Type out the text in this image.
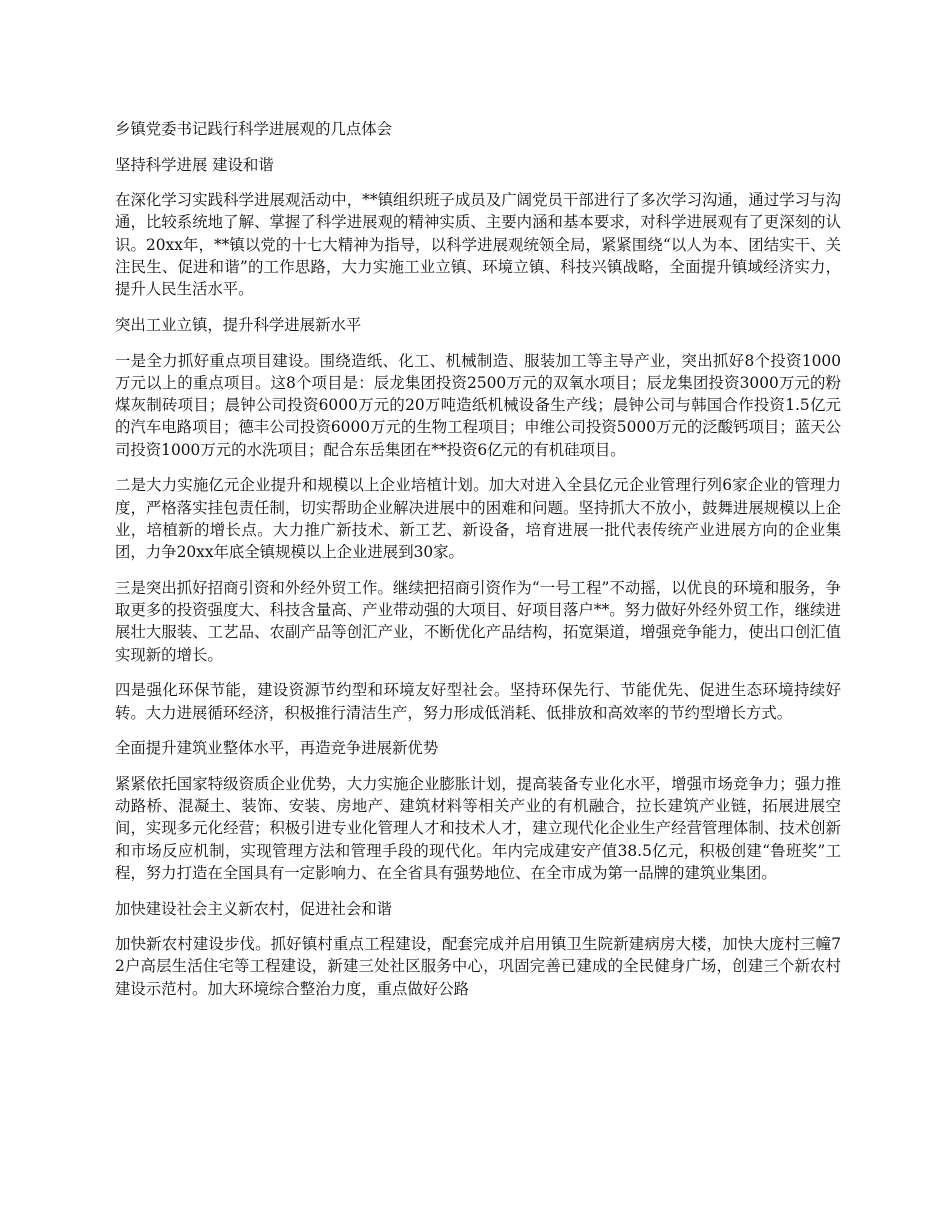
乡镇党委书记践行科学进展观的几点体会

坚持科学进展 建设和谐

在深化学习实践科学进展观活动中，**镇组织班子成员及广阔党员干部进行了多次学习沟通，通过学习与沟通，比较系统地了解、掌握了科学进展观的精神实质、主要内涵和基本要求，对科学进展观有了更深刻的认识。20xx年，**镇以党的十七大精神为指导，以科学进展观统领全局，紧紧围绕“以人为本、团结实干、关注民生、促进和谐”的工作思路，大力实施工业立镇、环境立镇、科技兴镇战略，全面提升镇域经济实力，提升人民生活水平。

突出工业立镇，提升科学进展新水平

一是全力抓好重点项目建设。围绕造纸、化工、机械制造、服装加工等主导产业，突出抓好8个投资1000万元以上的重点项目。这8个项目是：辰龙集团投资2500万元的双氧水项目；辰龙集团投资3000万元的粉煤灰制砖项目；晨钟公司投资6000万元的20万吨造纸机械设备生产线；晨钟公司与韩国合作投资1.5亿元的汽车电路项目；德丰公司投资6000万元的生物工程项目；申维公司投资5000万元的泛酸钙项目；蓝天公司投资1000万元的水洗项目；配合东岳集团在**投资6亿元的有机硅项目。

二是大力实施亿元企业提升和规模以上企业培植计划。加大对进入全县亿元企业管理行列6家企业的管理力度，严格落实挂包责任制，切实帮助企业解决进展中的困难和问题。坚持抓大不放小，鼓舞进展规模以上企业，培植新的增长点。大力推广新技术、新工艺、新设备，培育进展一批代表传统产业进展方向的企业集团，力争20xx年底全镇规模以上企业进展到30家。

三是突出抓好招商引资和外经外贸工作。继续把招商引资作为“一号工程”不动摇，以优良的环境和服务，争取更多的投资强度大、科技含量高、产业带动强的大项目、好项目落户**。努力做好外经外贸工作，继续进展壮大服装、工艺品、农副产品等创汇产业，不断优化产品结构，拓宽渠道，增强竞争能力，使出口创汇值实现新的增长。

四是强化环保节能，建设资源节约型和环境友好型社会。坚持环保先行、节能优先、促进生态环境持续好转。大力进展循环经济，积极推行清洁生产，努力形成低消耗、低排放和高效率的节约型增长方式。

全面提升建筑业整体水平，再造竞争进展新优势

紧紧依托国家特级资质企业优势，大力实施企业膨胀计划，提高装备专业化水平，增强市场竞争力；强力推动路桥、混凝土、装饰、安装、房地产、建筑材料等相关产业的有机融合，拉长建筑产业链，拓展进展空间，实现多元化经营；积极引进专业化管理人才和技术人才，建立现代化企业生产经营管理体制、技术创新和市场反应机制，实现管理方法和管理手段的现代化。年内完成建安产值38.5亿元，积极创建“鲁班奖”工程，努力打造在全国具有一定影响力、在全省具有强势地位、在全市成为第一品牌的建筑业集团。

加快建设社会主义新农村，促进社会和谐

加快新农村建设步伐。抓好镇村重点工程建设，配套完成并启用镇卫生院新建病房大楼，加快大庞村三幢72户高层生活住宅等工程建设，新建三处社区服务中心，巩固完善已建成的全民健身广场，创建三个新农村建设示范村。加大环境综合整治力度，重点做好公路
